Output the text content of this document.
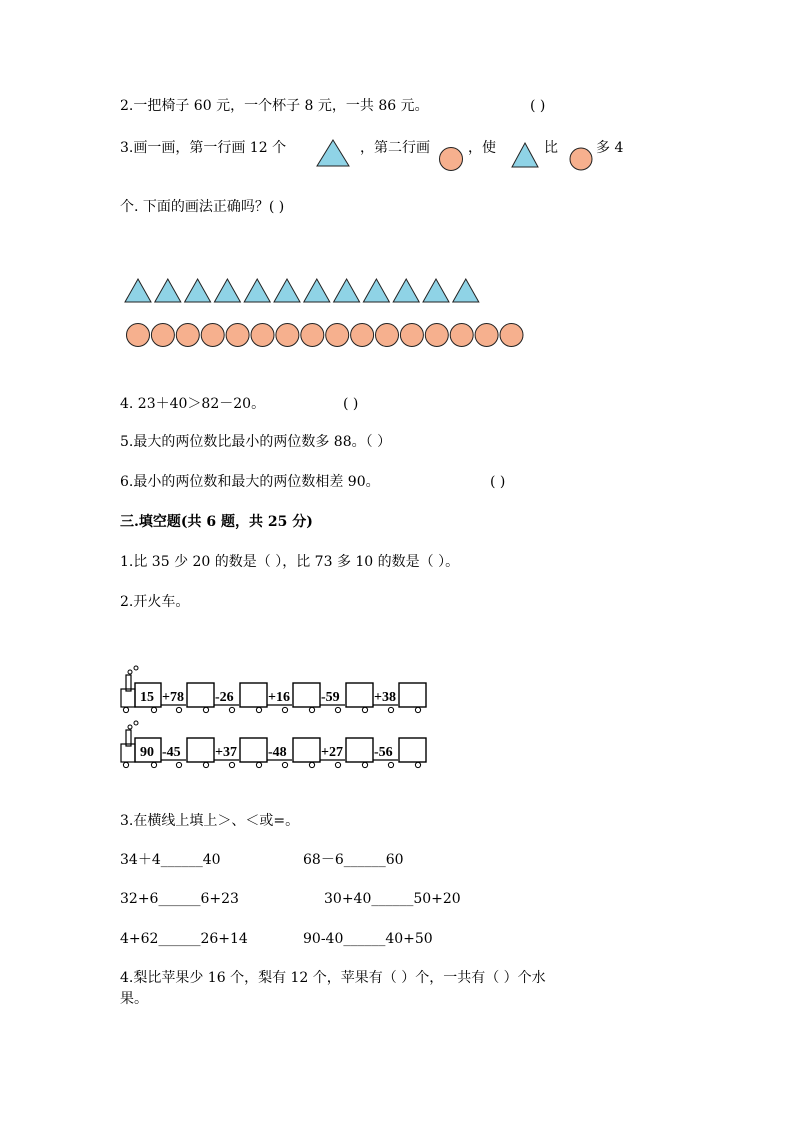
2.一把椅子 60 元，一个杯子 8 元，一共 86 元。	( )
3.画一画，第一行画 12 个	，第二行画	，使	比	多 4
个. 下面的画法正确吗？( )
4. 23＋40＞82－20。	( )
5.最大的两位数比最小的两位数多 88。（ ）
6.最小的两位数和最大的两位数相差 90。	( )
三.填空题(共 6 题，共 25 分)
1.比 35 少 20 的数是（ ），比 73 多 10 的数是（ ）。
2.开火车。
15 +78 -26 +16 -59 +38
90 -45 +37 -48 +27 -56
3.在横线上填上＞、＜或=。
34＋4______40	68－6______60
32+6______6+23	30+40______50+20
4+62______26+14	90-40______40+50
4.梨比苹果少 16 个，梨有 12 个，苹果有（ ）个，一共有（ ）个水
果。
